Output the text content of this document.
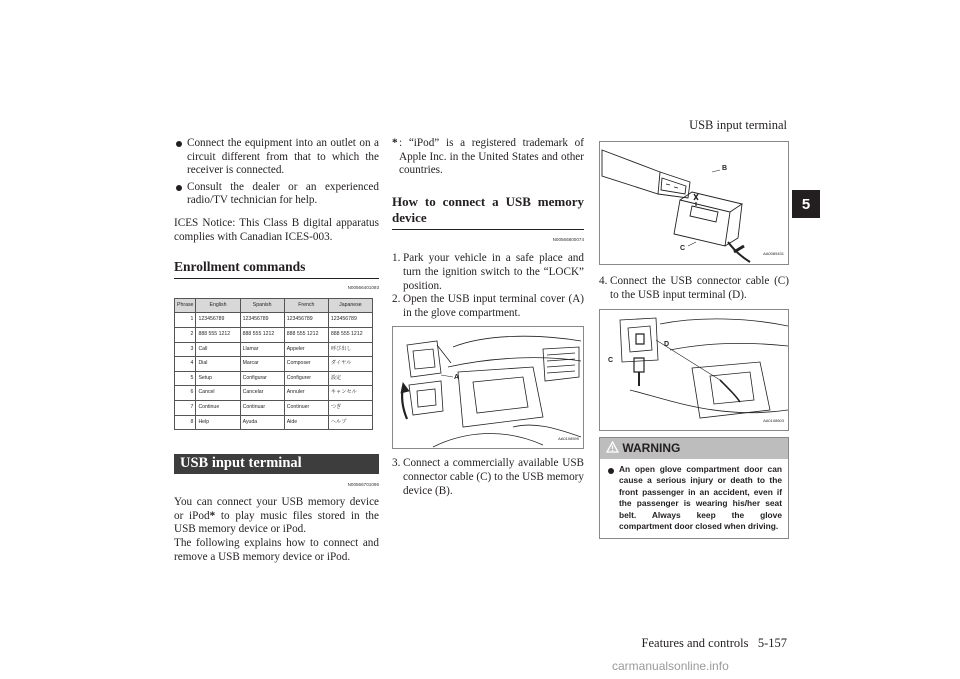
USB input terminal
Features and controls 5-157
5
Connect the equipment into an outlet on a circuit different from that to which the receiver is connected.
Consult the dealer or an experienced radio/TV technician for help.
ICES Notice: This Class B digital apparatus complies with Canadian ICES-003.
Enrollment commands
N00566401093
Phrase	English	Spanish	French	Japanese
1	123456789	123456789	123456789	123456789
2	888 555 1212	888 555 1212	888 555 1212	888 555 1212
3	Call	Llamar	Appeler	呼び出し
4	Dial	Marcar	Composer	ダイヤル
5	Setup	Configurar	Configurer	設定
6	Cancel	Cancelar	Annuler	キャンセル
7	Continue	Continuar	Continuer	つぎ
8	Help	Ayuda	Aide	ヘルプ
USB input terminal
N00566701096
You can connect your USB memory device or iPod* to play music files stored in the USB memory device or iPod.
The following explains how to connect and remove a USB memory device or iPod.
* : “iPod” is a registered trademark of Apple Inc. in the United States and other countries.
How to connect a USB memory device
N00566800074
1. Park your vehicle in a safe place and turn the ignition switch to the “LOCK” position.
2. Open the USB input terminal cover (A) in the glove compartment.
A
AA0108599
3. Connect a commercially available USB connector cable (C) to the USB memory device (B).
B
C
AA0089431
4. Connect the USB connector cable (C) to the USB input terminal (D).
C
D
AA0108603
WARNING
An open glove compartment door can cause a serious injury or death to the front passenger in an accident, even if the passenger is wearing his/her seat belt. Always keep the glove compartment door closed when driving.
carmanualsonline.info
